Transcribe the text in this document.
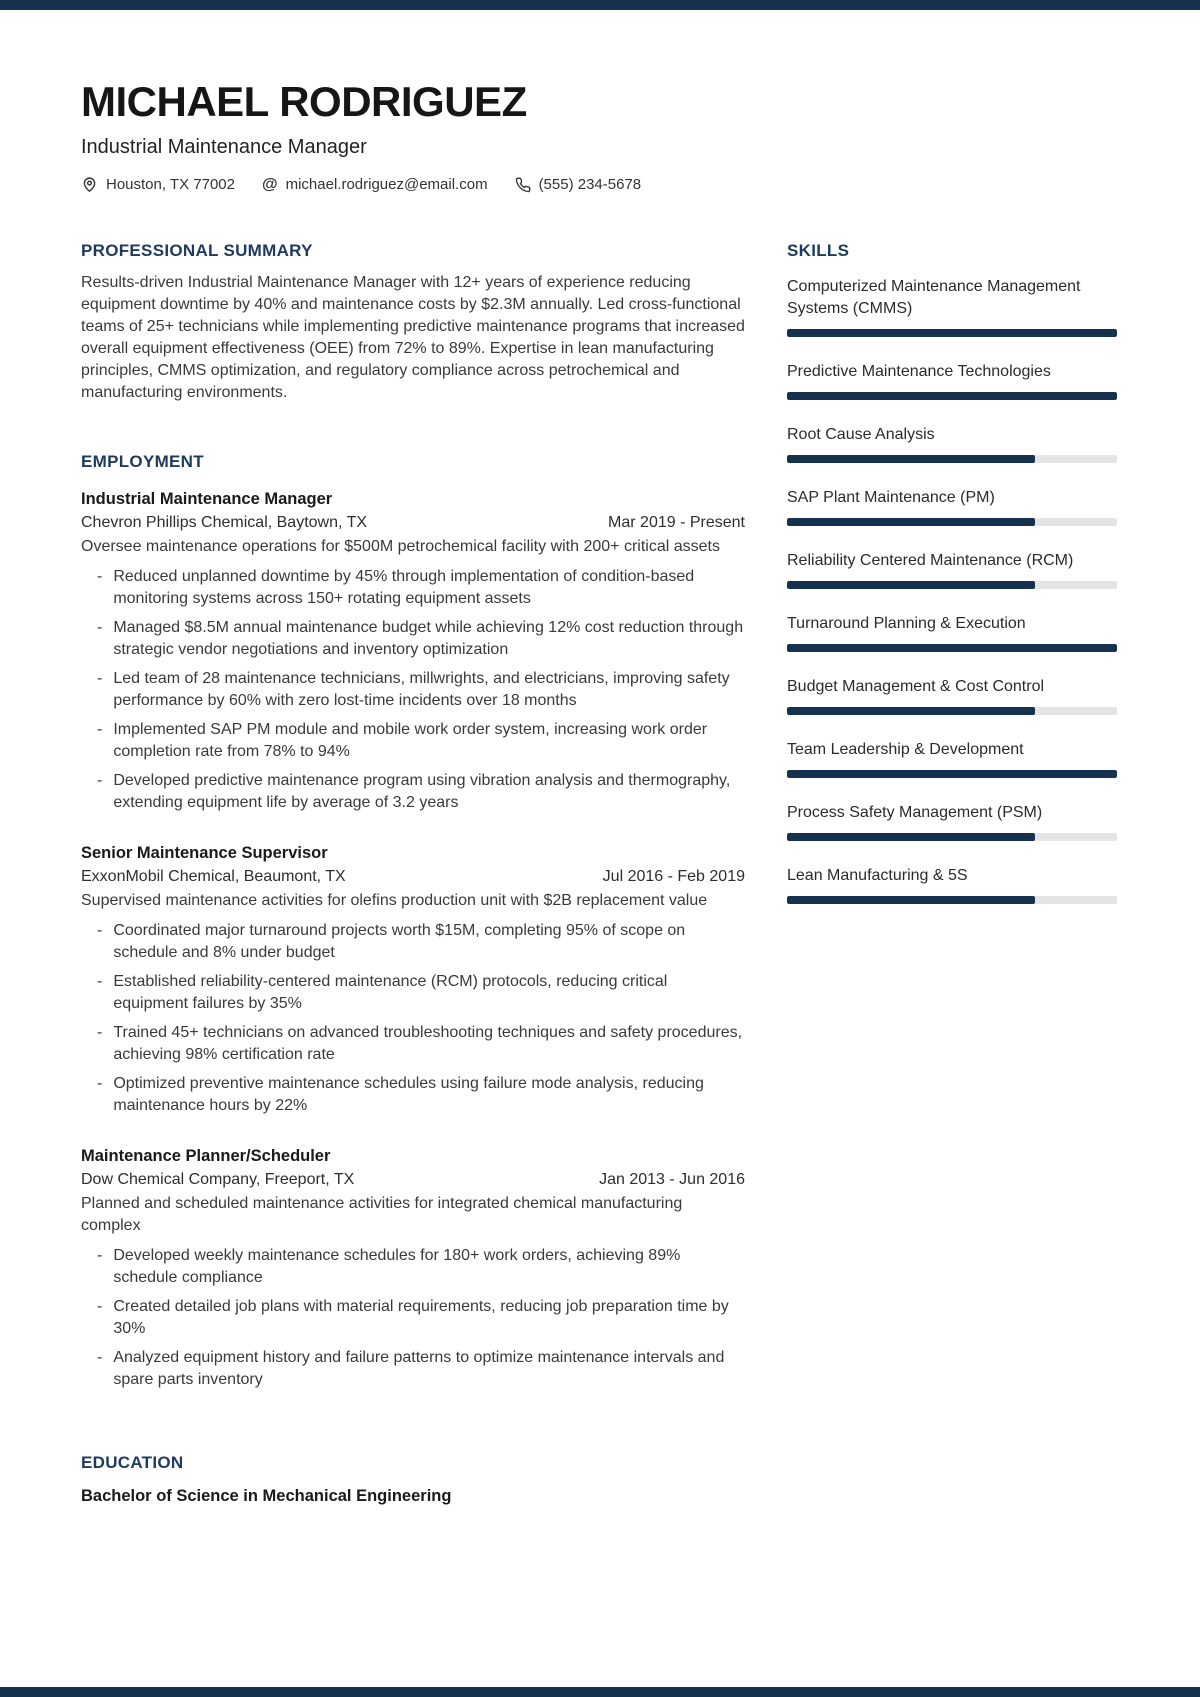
MICHAEL RODRIGUEZ
Industrial Maintenance Manager
Houston, TX 77002 @ michael.rodriguez@email.com	(555) 234-5678
PROFESSIONAL SUMMARY

Results-driven Industrial Maintenance Manager with 12+ years of experience reducing equipment downtime by 40% and maintenance costs by $2.3M annually. Led cross-functional teams of 25+ technicians while implementing predictive maintenance programs that increased overall equipment effectiveness (OEE) from 72% to 89%. Expertise in lean manufacturing principles, CMMS optimization, and regulatory compliance across petrochemical and manufacturing environments.

EMPLOYMENT
Industrial Maintenance Manager
Chevron Phillips Chemical, Baytown, TX	Mar 2019 - Present
Oversee maintenance operations for $500M petrochemical facility with 200+ critical assets
-
Reduced unplanned downtime by 45% through implementation of condition-based monitoring systems across 150+ rotating equipment assets
-
Managed $8.5M annual maintenance budget while achieving 12% cost reduction through strategic vendor negotiations and inventory optimization
-
Led team of 28 maintenance technicians, millwrights, and electricians, improving safety performance by 60% with zero lost-time incidents over 18 months
-
Implemented SAP PM module and mobile work order system, increasing work order completion rate from 78% to 94%
-
Developed predictive maintenance program using vibration analysis and thermography, extending equipment life by average of 3.2 years
Senior Maintenance Supervisor
ExxonMobil Chemical, Beaumont, TX	Jul 2016 - Feb 2019
Supervised maintenance activities for olefins production unit with $2B replacement value
-
Coordinated major turnaround projects worth $15M, completing 95% of scope on schedule and 8% under budget
-
Established reliability-centered maintenance (RCM) protocols, reducing critical equipment failures by 35%
-
Trained 45+ technicians on advanced troubleshooting techniques and safety procedures, achieving 98% certification rate
-
Optimized preventive maintenance schedules using failure mode analysis, reducing maintenance hours by 22%
Maintenance Planner/Scheduler
Dow Chemical Company, Freeport, TX	Jan 2013 - Jun 2016
Planned and scheduled maintenance activities for integrated chemical manufacturing complex
-
Developed weekly maintenance schedules for 180+ work orders, achieving 89% schedule compliance
-
Created detailed job plans with material requirements, reducing job preparation time by 30%
-
Analyzed equipment history and failure patterns to optimize maintenance intervals and spare parts inventory
EDUCATION
Bachelor of Science in Mechanical Engineering
SKILLS
Computerized Maintenance Management Systems (CMMS)
Predictive Maintenance Technologies
Root Cause Analysis
SAP Plant Maintenance (PM)
Reliability Centered Maintenance (RCM)
Turnaround Planning & Execution
Budget Management & Cost Control
Team Leadership & Development
Process Safety Management (PSM)
Lean Manufacturing & 5S
